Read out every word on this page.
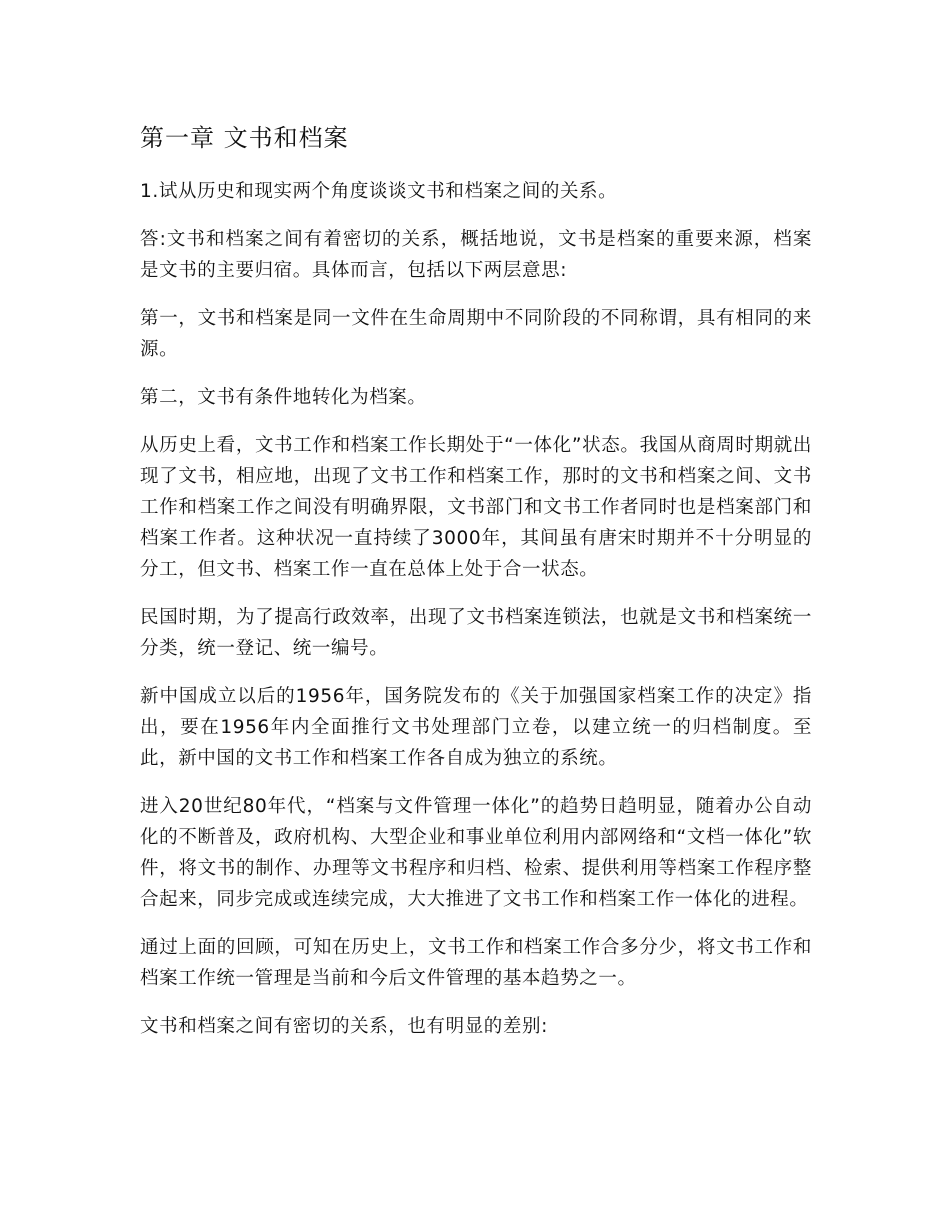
第一章 文书和档案

1.试从历史和现实两个角度谈谈文书和档案之间的关系。

答:文书和档案之间有着密切的关系，概括地说，文书是档案的重要来源，档案是文书的主要归宿。具体而言，包括以下两层意思:

第一，文书和档案是同一文件在生命周期中不同阶段的不同称谓，具有相同的来源。

第二，文书有条件地转化为档案。

从历史上看，文书工作和档案工作长期处于“一体化”状态。我国从商周时期就出现了文书，相应地，出现了文书工作和档案工作，那时的文书和档案之间、文书工作和档案工作之间没有明确界限，文书部门和文书工作者同时也是档案部门和档案工作者。这种状况一直持续了3000年，其间虽有唐宋时期并不十分明显的分工，但文书、档案工作一直在总体上处于合一状态。

民国时期，为了提高行政效率，出现了文书档案连锁法，也就是文书和档案统一分类，统一登记、统一编号。

新中国成立以后的1956年，国务院发布的《关于加强国家档案工作的决定》指出，要在1956年内全面推行文书处理部门立卷，以建立统一的归档制度。至此，新中国的文书工作和档案工作各自成为独立的系统。

进入20世纪80年代，“档案与文件管理一体化”的趋势日趋明显，随着办公自动化的不断普及，政府机构、大型企业和事业单位利用内部网络和“文档一体化”软件，将文书的制作、办理等文书程序和归档、检索、提供利用等档案工作程序整合起来，同步完成或连续完成，大大推进了文书工作和档案工作一体化的进程。

通过上面的回顾，可知在历史上，文书工作和档案工作合多分少，将文书工作和档案工作统一管理是当前和今后文件管理的基本趋势之一。

文书和档案之间有密切的关系，也有明显的差别:
